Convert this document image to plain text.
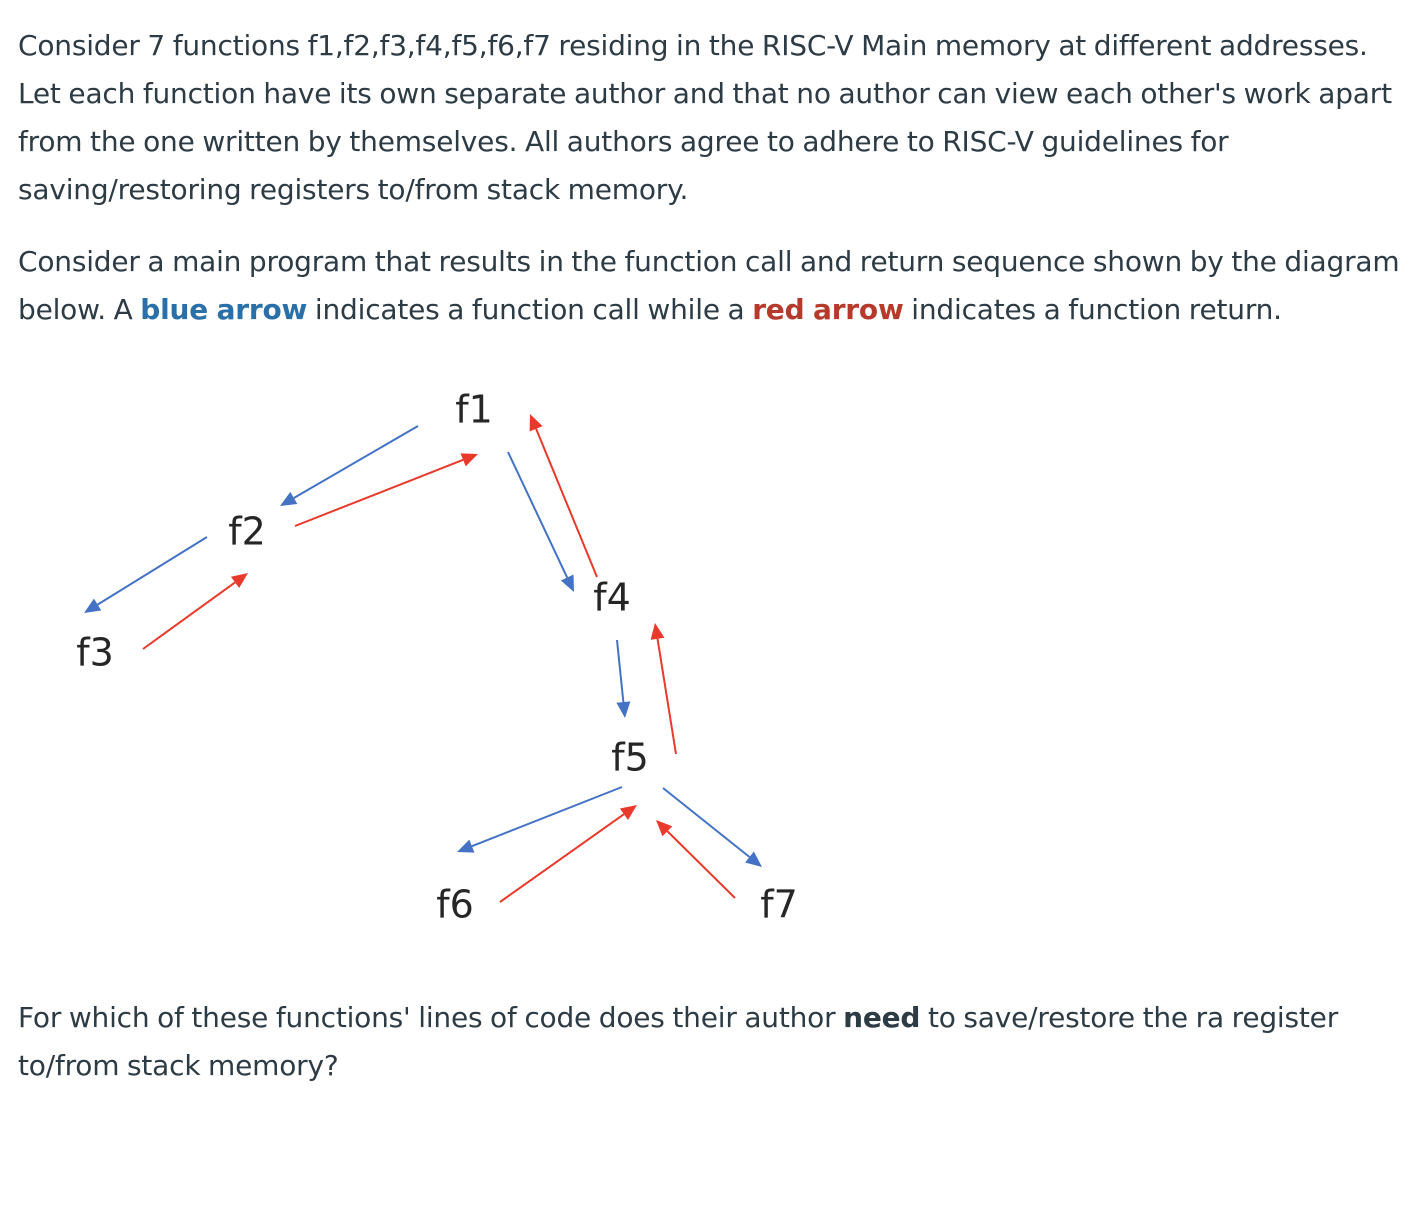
Consider 7 functions f1,f2,f3,f4,f5,f6,f7 residing in the RISC-V Main memory at different addresses. Let each function have its own separate author and that no author can view each other's work apart from the one written by themselves. All authors agree to adhere to RISC-V guidelines for saving/restoring registers to/from stack memory.

Consider a main program that results in the function call and return sequence shown by the diagram below. A blue arrow indicates a function call while a red arrow indicates a function return.

f1
f2
f3
f4
f5
f6	f7

For which of these functions' lines of code does their author need to save/restore the ra register to/from stack memory?
